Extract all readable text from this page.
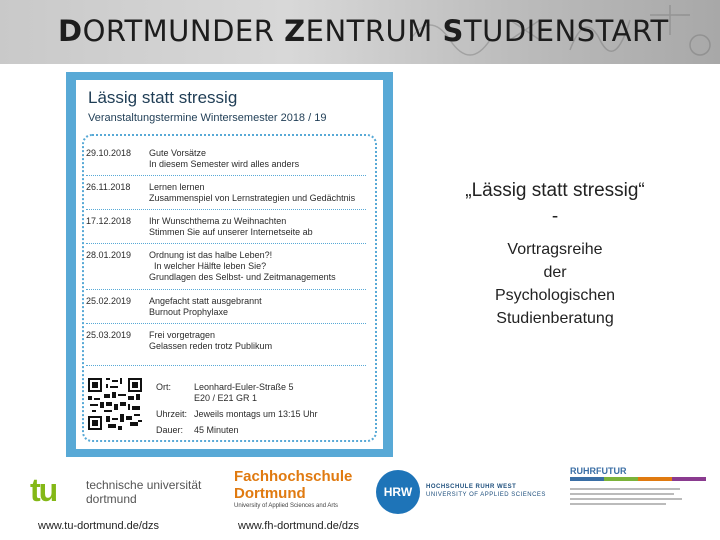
DORTMUNDER ZENTRUM STUDIENSTART
Lässig statt stressig
Veranstaltungstermine Wintersemester 2018 / 19
29.10.2018	Gute Vorsätze
In diesem Semester wird alles anders
26.11.2018	Lernen lernen
Zusammenspiel von Lernstrategien und Gedächtnis
17.12.2018	Ihr Wunschthema zu Weihnachten
Stimmen Sie auf unserer Internetseite ab
28.01.2019	Ordnung ist das halbe Leben?!
In welcher Hälfte leben Sie?
Grundlagen des Selbst- und Zeitmanagements
25.02.2019	Angefacht statt ausgebrannt
Burnout Prophylaxe
25.03.2019	Frei vorgetragen
Gelassen reden trotz Publikum
Ort:	Leonhard-Euler-Straße 5
E20 / E21 GR 1
Uhrzeit: Jeweils montags um 13:15 Uhr
Dauer:	45 Minuten
„Lässig statt stressig“
-
Vortragsreihe
der
Psychologischen
Studienberatung
tu technische universität
dortmund
Fachhochschule
Dortmund
University of Applied Sciences and Arts
HRW	HOCHSCHULE RUHR WEST
UNIVERSITY OF APPLIED SCIENCES
RUHRFUTUR
www.tu-dortmund.de/dzs	www.fh-dortmund.de/dzs
